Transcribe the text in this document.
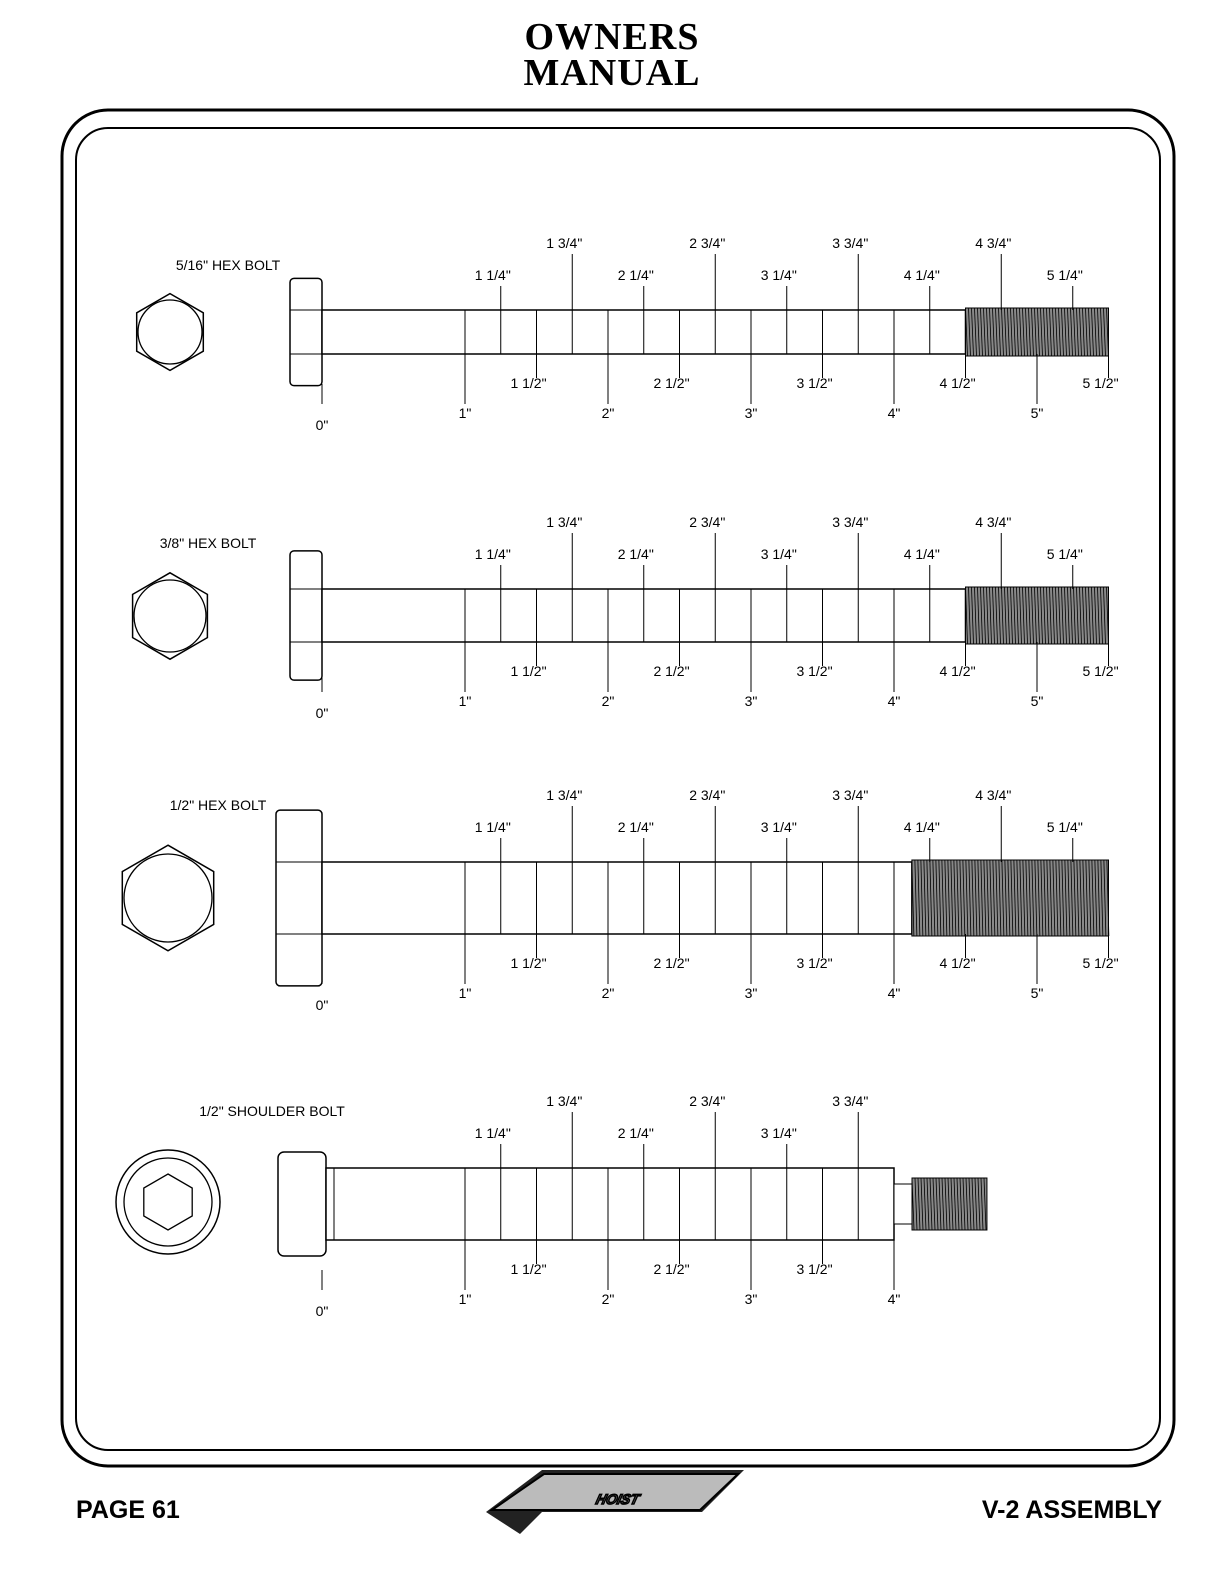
OWNERS
MANUAL
5/16" HEX BOLT
1 1/4"
1 3/4"
2 1/4"
2 3/4"
3 1/4"
3 3/4"
4 1/4"
4 3/4"
5 1/4"
1 1/2"	2 1/2"	3 1/2"	4 1/2"	5 1/2"
1"	2"	3"	4"	5"
0"
3/8" HEX BOLT
1 1/4"
1 3/4"
2 1/4"
2 3/4"
3 1/4"
3 3/4"
4 1/4"
4 3/4"
5 1/4"
1 1/2"	2 1/2"	3 1/2"	4 1/2"	5 1/2"
1"	2"	3"	4"	5"
0"
1/2" HEX BOLT
1 1/4"
1 3/4"
2 1/4"
2 3/4"
3 1/4"
3 3/4"
4 1/4"
4 3/4"
5 1/4"
1 1/2"	2 1/2"	3 1/2"	4 1/2"	5 1/2"
1"	2"	3"	4"	5"
0"
1/2" SHOULDER BOLT
1 1/4"
1 3/4"
2 1/4"
2 3/4"
3 1/4"
3 3/4"
1 1/2"	2 1/2"	3 1/2"
1"	2"	3"	4"
0"
PAGE 61	V-2 ASSEMBLY
HOIST
